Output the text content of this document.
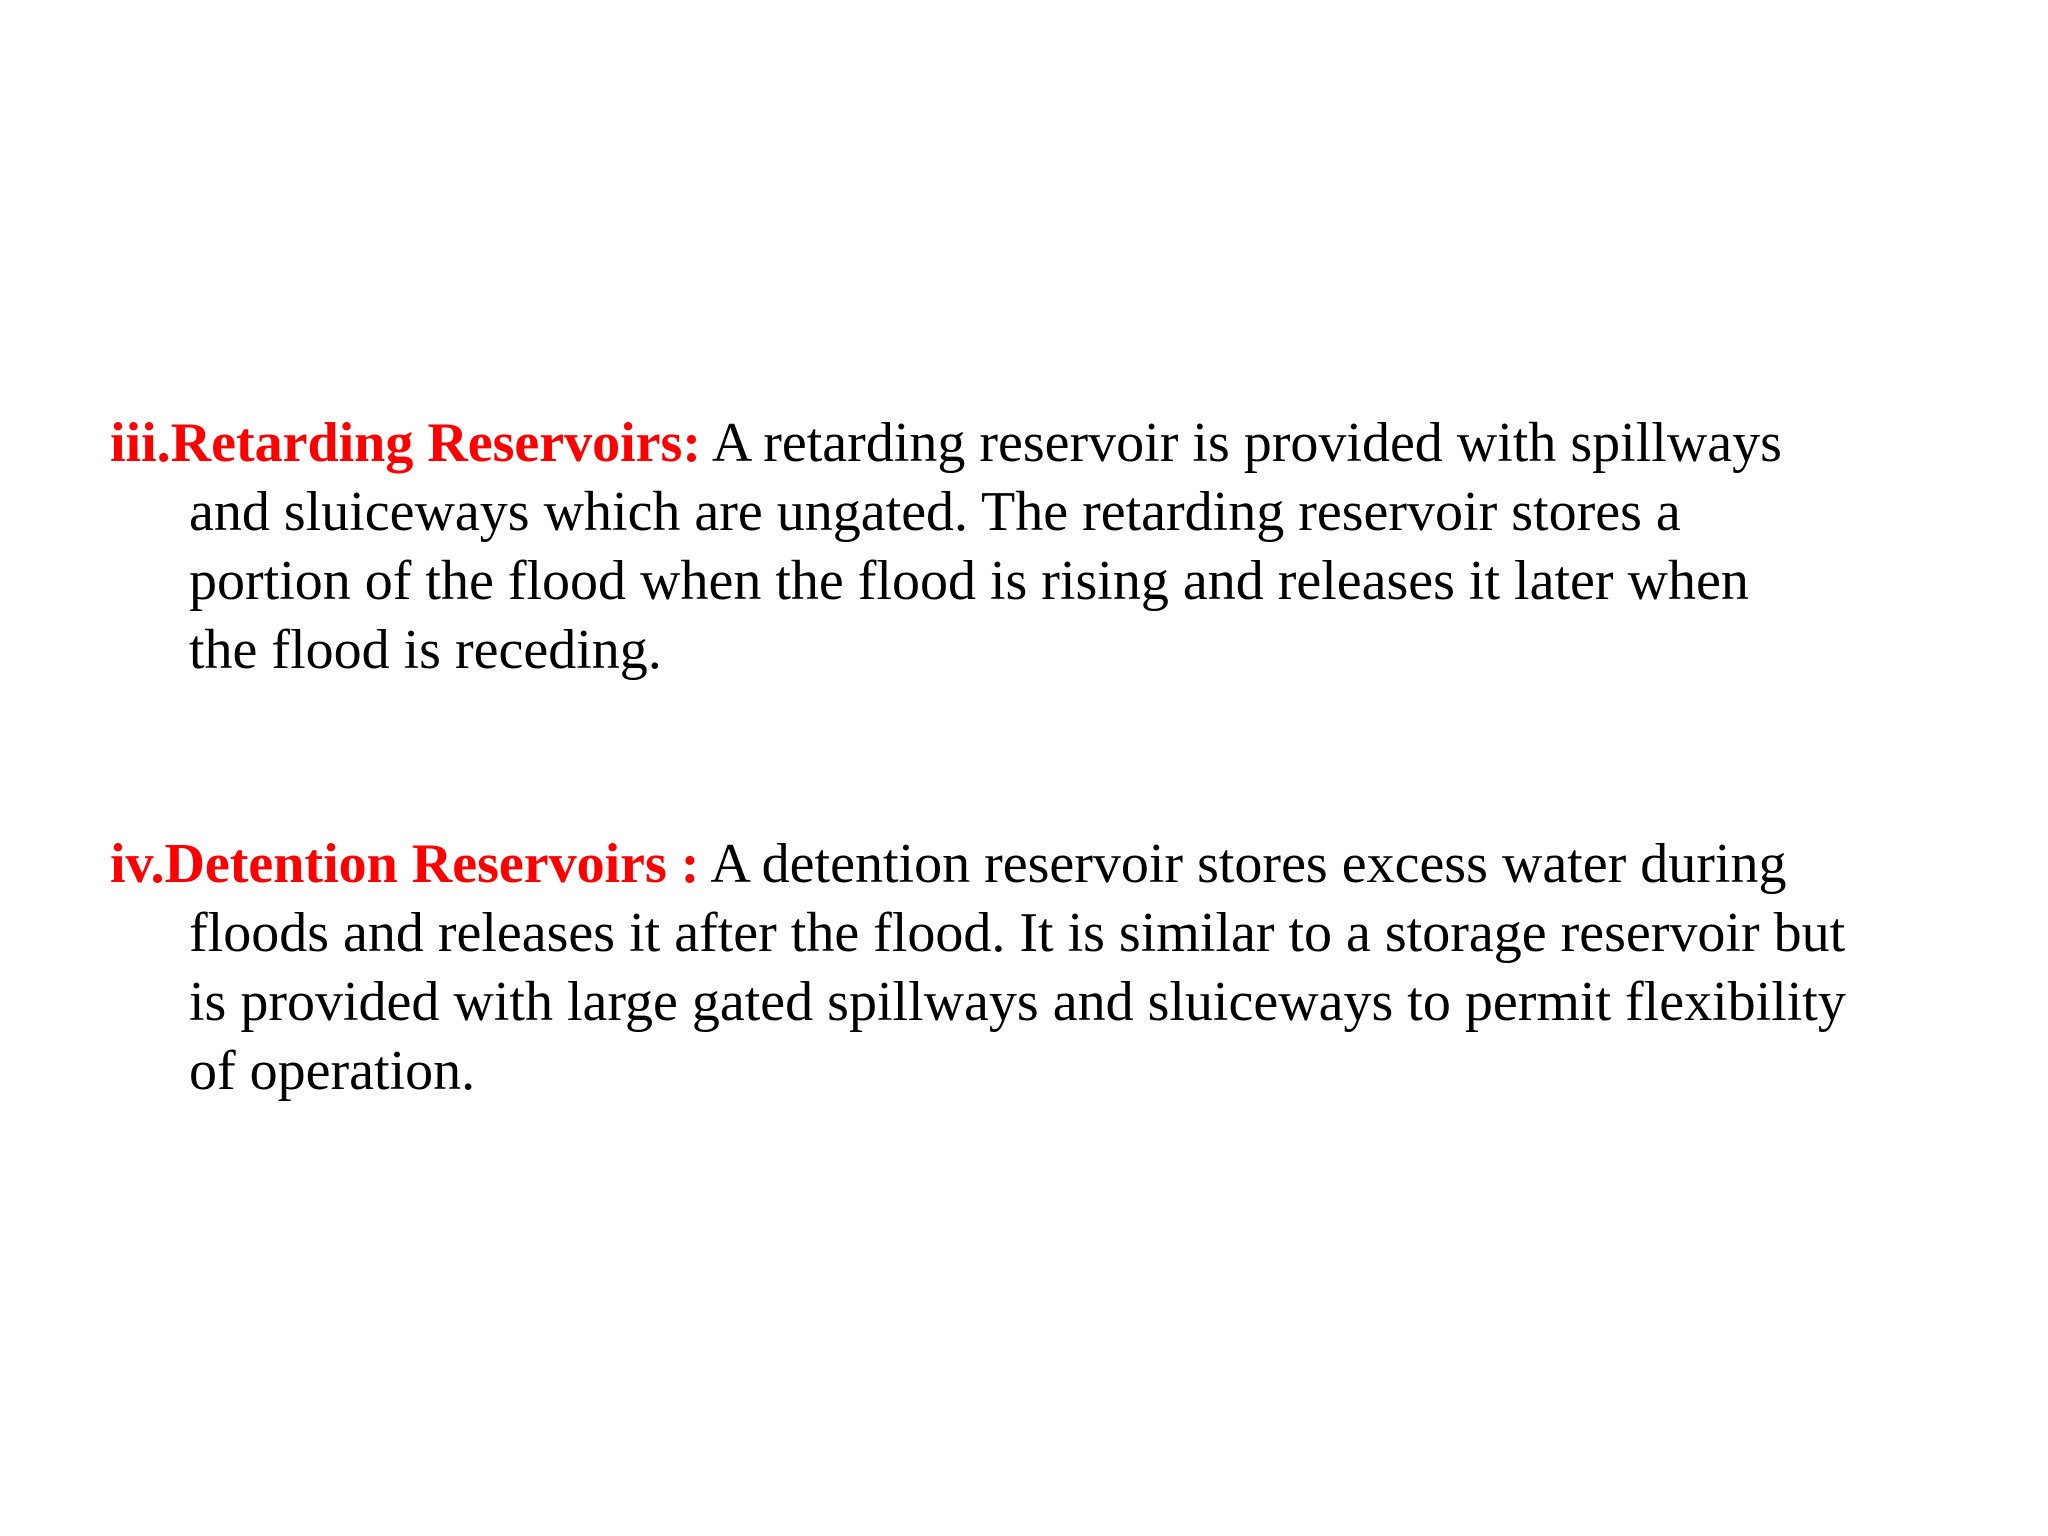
iii.Retarding Reservoirs: A retarding reservoir is provided with spillways
and sluiceways which are ungated. The retarding reservoir stores a
portion of the flood when the flood is rising and releases it later when
the flood is receding.
iv.Detention Reservoirs : A detention reservoir stores excess water during
floods and releases it after the flood. It is similar to a storage reservoir but
is provided with large gated spillways and sluiceways to permit flexibility
of operation.
